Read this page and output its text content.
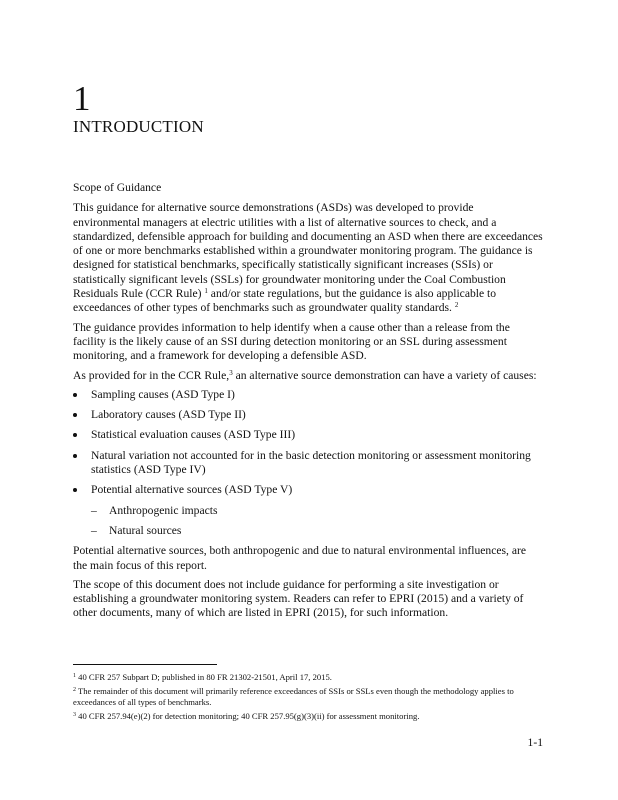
1
INTRODUCTION
Scope of Guidance

This guidance for alternative source demonstrations (ASDs) was developed to provide environmental managers at electric utilities with a list of alternative sources to check, and a standardized, defensible approach for building and documenting an ASD when there are exceedances of one or more benchmarks established within a groundwater monitoring program. The guidance is designed for statistical benchmarks, specifically statistically significant increases (SSIs) or statistically significant levels (SSLs) for groundwater monitoring under the Coal Combustion Residuals Rule (CCR Rule) $^1$ and/or state regulations, but the guidance is also applicable to exceedances of other types of benchmarks such as groundwater quality standards. $^2$

The guidance provides information to help identify when a cause other than a release from the facility is the likely cause of an SSI during detection monitoring or an SSL during assessment monitoring, and a framework for developing a defensible ASD.

As provided for in the CCR Rule,$^3$ an alternative source demonstration can have a variety of causes:

Sampling causes (ASD Type I)
Laboratory causes (ASD Type II)
Statistical evaluation causes (ASD Type III)
Natural variation not accounted for in the basic detection monitoring or assessment monitoring statistics (ASD Type IV)
Potential alternative sources (ASD Type V)
– Anthropogenic impacts
– Natural sources

Potential alternative sources, both anthropogenic and due to natural environmental influences, are the main focus of this report.

The scope of this document does not include guidance for performing a site investigation or establishing a groundwater monitoring system. Readers can refer to EPRI (2015) and a variety of other documents, many of which are listed in EPRI (2015), for such information.

$^1$ 40 CFR 257 Subpart D; published in 80 FR 21302-21501, April 17, 2015.
$^2$ The remainder of this document will primarily reference exceedances of SSIs or SSLs even though the methodology applies to exceedances of all types of benchmarks.
$^3$ 40 CFR 257.94(e)(2) for detection monitoring; 40 CFR 257.95(g)(3)(ii) for assessment monitoring.
1-1
